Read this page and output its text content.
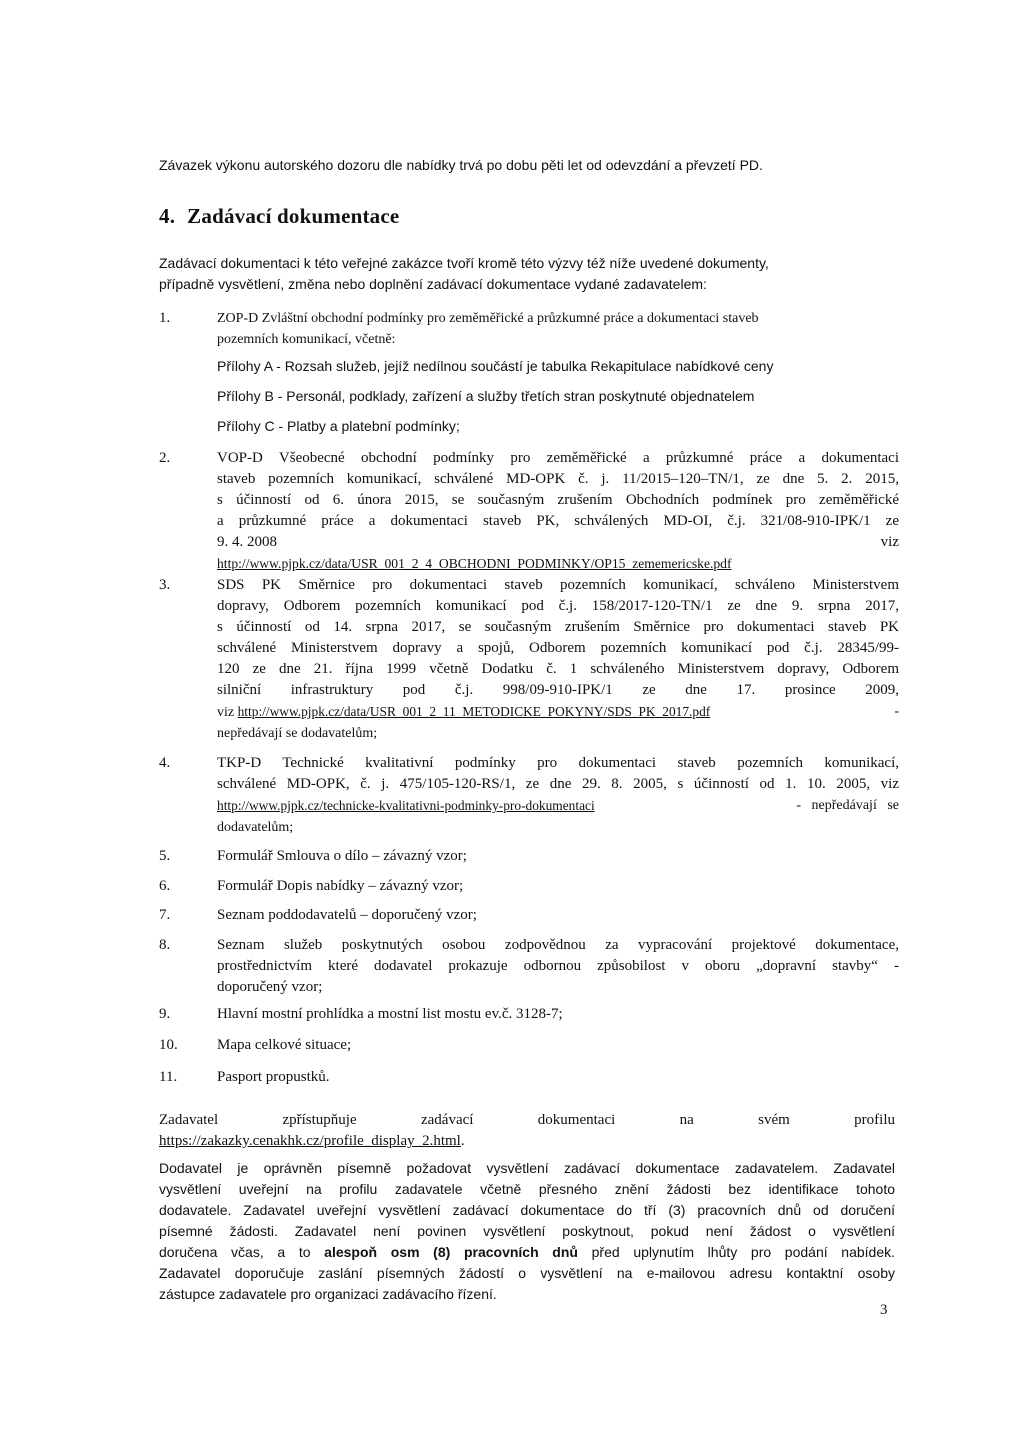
Závazek výkonu autorského dozoru dle nabídky trvá po dobu pěti let od odevzdání a převzetí PD.

4. Zadávací dokumentace
Zadávací dokumentaci k této veřejné zakázce tvoří kromě této výzvy též níže uvedené dokumenty,
případně vysvětlení, změna nebo doplnění zadávací dokumentace vydané zadavatelem:
1.	ZOP-D Zvláštní obchodní podmínky pro zeměměřické a průzkumné práce a dokumentaci staveb
pozemních komunikací, včetně:
Přílohy A - Rozsah služeb, jejíž nedílnou součástí je tabulka Rekapitulace nabídkové ceny
Přílohy B - Personál, podklady, zařízení a služby třetích stran poskytnuté objednatelem
Přílohy C - Platby a platební podmínky;
2.	VOP-D Všeobecné obchodní podmínky pro zeměměřické a průzkumné práce a dokumentaci
staveb pozemních komunikací, schválené MD-OPK č. j. 11/2015–120–TN/1, ze dne 5. 2. 2015,
s účinností od 6. února 2015, se současným zrušením Obchodních podmínek pro zeměměřické
a průzkumné práce a dokumentaci staveb PK, schválených MD-OI, č.j. 321/08-910-IPK/1 ze
9. 4. 2008	viz
http://www.pjpk.cz/data/USR_001_2_4_OBCHODNI_PODMINKY/OP15_zememericske.pdf
3.	SDS PK Směrnice pro dokumentaci staveb pozemních komunikací, schváleno Ministerstvem
dopravy, Odborem pozemních komunikací pod č.j. 158/2017-120-TN/1 ze dne 9. srpna 2017,
s účinností od 14. srpna 2017, se současným zrušením Směrnice pro dokumentaci staveb PK
schválené Ministerstvem dopravy a spojů, Odborem pozemních komunikací pod č.j. 28345/99-
120 ze dne 21. října 1999 včetně Dodatku č. 1 schváleného Ministerstvem dopravy, Odborem
silniční infrastruktury pod č.j. 998/09-910-IPK/1 ze dne 17. prosince 2009,
viz http://www.pjpk.cz/data/USR_001_2_11_METODICKE_POKYNY/SDS_PK_2017.pdf	-
nepředávají se dodavatelům;
4.	TKP-D Technické kvalitativní podmínky pro dokumentaci staveb pozemních komunikací,
schválené MD-OPK, č. j. 475/105-120-RS/1, ze dne 29. 8. 2005, s účinností od 1. 10. 2005, viz
http://www.pjpk.cz/technicke-kvalitativni-podminky-pro-dokumentaci	-   nepředávají   se
dodavatelům;
5.	Formulář Smlouva o dílo – závazný vzor;
6.	Formulář Dopis nabídky – závazný vzor;
7.	Seznam poddodavatelů – doporučený vzor;
8.	Seznam služeb poskytnutých osobou zodpovědnou za vypracování projektové dokumentace,
prostřednictvím které dodavatel prokazuje odbornou způsobilost v oboru „dopravní stavby“ -
doporučený vzor;
9.	Hlavní mostní prohlídka a mostní list mostu ev.č. 3128-7;
10.	Mapa celkové situace;
11.	Pasport propustků.
Zadavatel   zpřístupňuje   zadávací   dokumentaci   na   svém   profilu
https://zakazky.cenakhk.cz/profile_display_2.html.
Dodavatel je oprávněn písemně požadovat vysvětlení zadávací dokumentace zadavatelem. Zadavatel
vysvětlení uveřejní na profilu zadavatele včetně přesného znění žádosti bez identifikace tohoto
dodavatele. Zadavatel uveřejní vysvětlení zadávací dokumentace do tří (3) pracovních dnů od doručení
písemné žádosti. Zadavatel není povinen vysvětlení poskytnout, pokud není žádost o vysvětlení
doručena včas, a to alespoň osm (8) pracovních dnů před uplynutím lhůty pro podání nabídek.
Zadavatel doporučuje zaslání písemných žádostí o vysvětlení na e-mailovou adresu kontaktní osoby
zástupce zadavatele pro organizaci zadávacího řízení.
3
